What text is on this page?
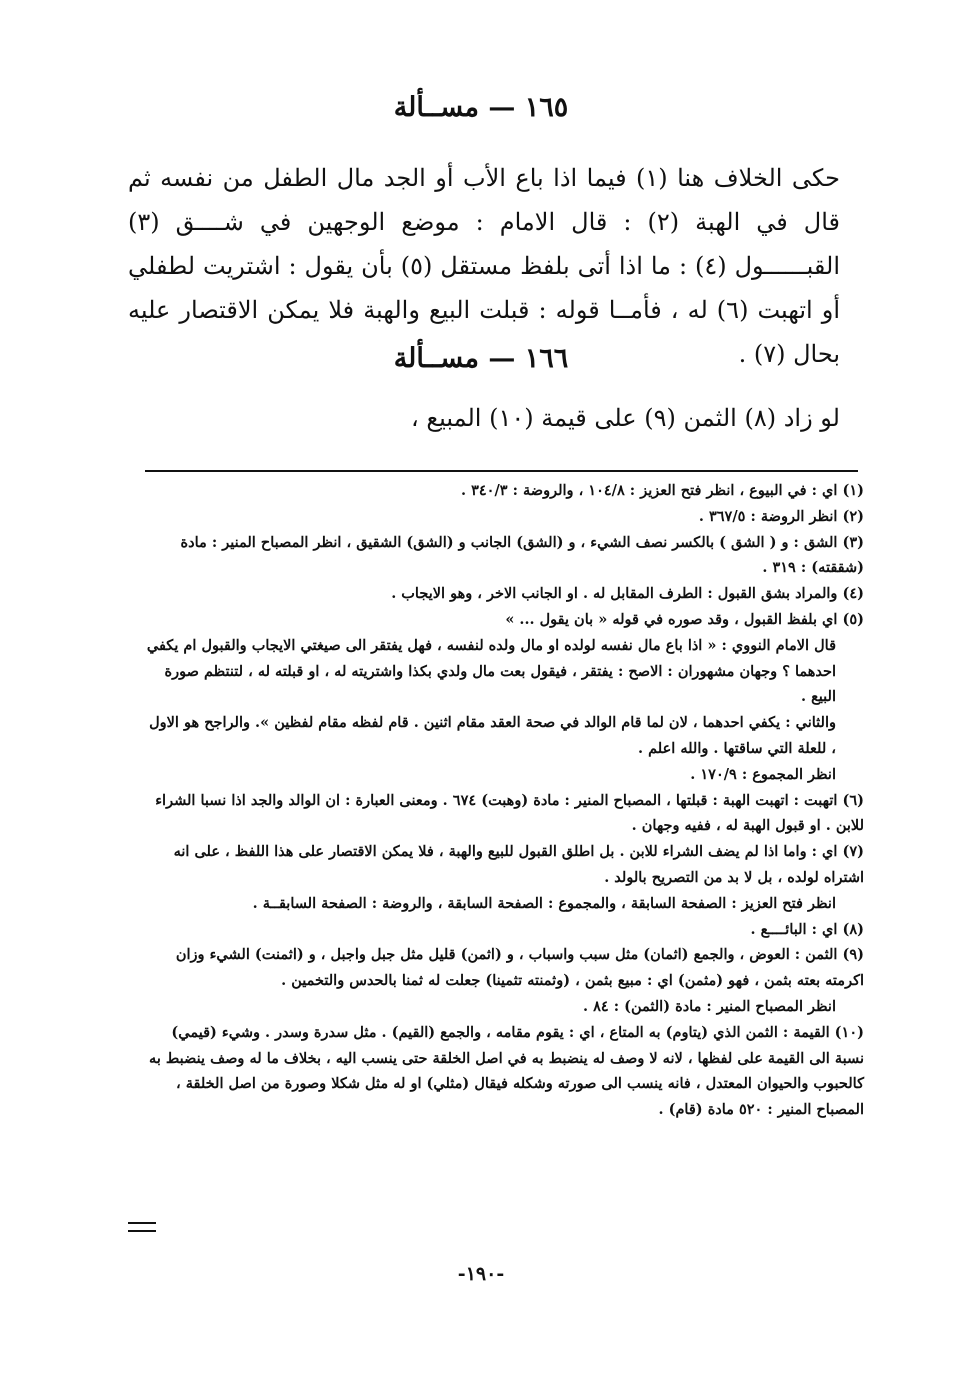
١٦٥ — مســألة
حكى الخلاف هنا (١) فيما اذا باع الأب أو الجد مال الطفل من نفسه ثم قال في الهبة (٢) : قال الامام : موضع الوجهين في شــــق (٣) القبــــــول (٤) : ما اذا أتى بلفظ مستقل (٥) بأن يقول : اشتريت لطفلي أو اتهبت (٦) له ، فأمــا قوله : قبلت البيع والهبة فلا يمكن الاقتصار عليه بحال (٧) .
١٦٦ — مســألة
لو زاد (٨) الثمن (٩) على قيمة (١٠) المبيع ،

(١) اي : في البيوع ، انظر فتح العزيز : ١٠٤/٨ ، والروضة : ٣٤٠/٣ .

(٢) انظر الروضة : ٣٦٧/٥ .

(٣) الشق : و ( الشق ) بالكسر نصف الشيء ، و (الشق) الجانب و (الشق) الشقيق ، انظر المصباح المنير : مادة (شققته) : ٣١٩ .

(٤) والمراد بشق القبول : الطرف المقابل له . او الجانب الاخر ، وهو الايجاب .

(٥) اي بلفظ القبول ، وقد صوره في قوله « بان يقول ... »

قال الامام النووي : « اذا باع مال نفسه لولده او مال ولده لنفسه ، فهل يفتقر الى صيغتي الايجاب والقبول ام يكفي احدهما ؟ وجهان مشهوران : الاصح : يفتقر ، فيقول بعت مال ولدي بكذا واشتريته له ، او قبلته له ، لتنتظم صورة البيع .

والثاني : يكفي احدهما ، لان لما قام الوالد في صحة العقد مقام اثنين . قام لفظه مقام لفظين ». والراجح هو الاول ، للعلة التي ساقتها . والله اعلم .

انظر المجموع : ١٧٠/٩ .

(٦) اتهبت : اتهبت الهبة : قبلتها ، المصباح المنير : مادة (وهبت) ٦٧٤ . ومعنى العبارة : ان الوالد والجد اذا نسبا الشراء للابن . او قبول الهبة له ، ففيه وجهان .

(٧) اي : واما اذا لم يضف الشراء للابن . بل اطلق القبول للبيع والهبة ، فلا يمكن الاقتصار على هذا اللفظ ، على انه اشتراه لولده ، بل لا بد من التصريح بالولد .

انظر فتح العزيز : الصفحة السابقة ، والمجموع : الصفحة السابقة ، والروضة : الصفحة السابقــة .

(٨) اي : البائــــع .

(٩) الثمن : العوض ، والجمع (اثمان) مثل سبب واسباب ، و (اثمن) قليل مثل جبل واجبل ، و (اثمنت) الشيء وزان اكرمته بعته بثمن ، فهو (مثمن) اي : مبيع بثمن ، (وثمنته تثمينا) جعلت له ثمنا بالحدس والتخمين .

انظر المصباح المنير : مادة (الثمن) : ٨٤ .

(١٠) القيمة : الثمن الذي (يتاوم) به المتاع ، اي : يقوم مقامه ، والجمع (القيم) . مثل سدرة وسدر . وشيء (قيمي) نسبة الى القيمة على لفظها ، لانه لا وصف له ينضبط به في اصل الخلقة حتى ينسب اليه ، بخلاف ما له وصف ينضبط به كالحبوب والحيوان المعتدل ، فانه ينسب الى صورته وشكله فيقال (مثلي) او له مثل شكلا وصورة من اصل الخلقة ، المصباح المنير : ٥٢٠ مادة (قام) .

-١٩٠-
